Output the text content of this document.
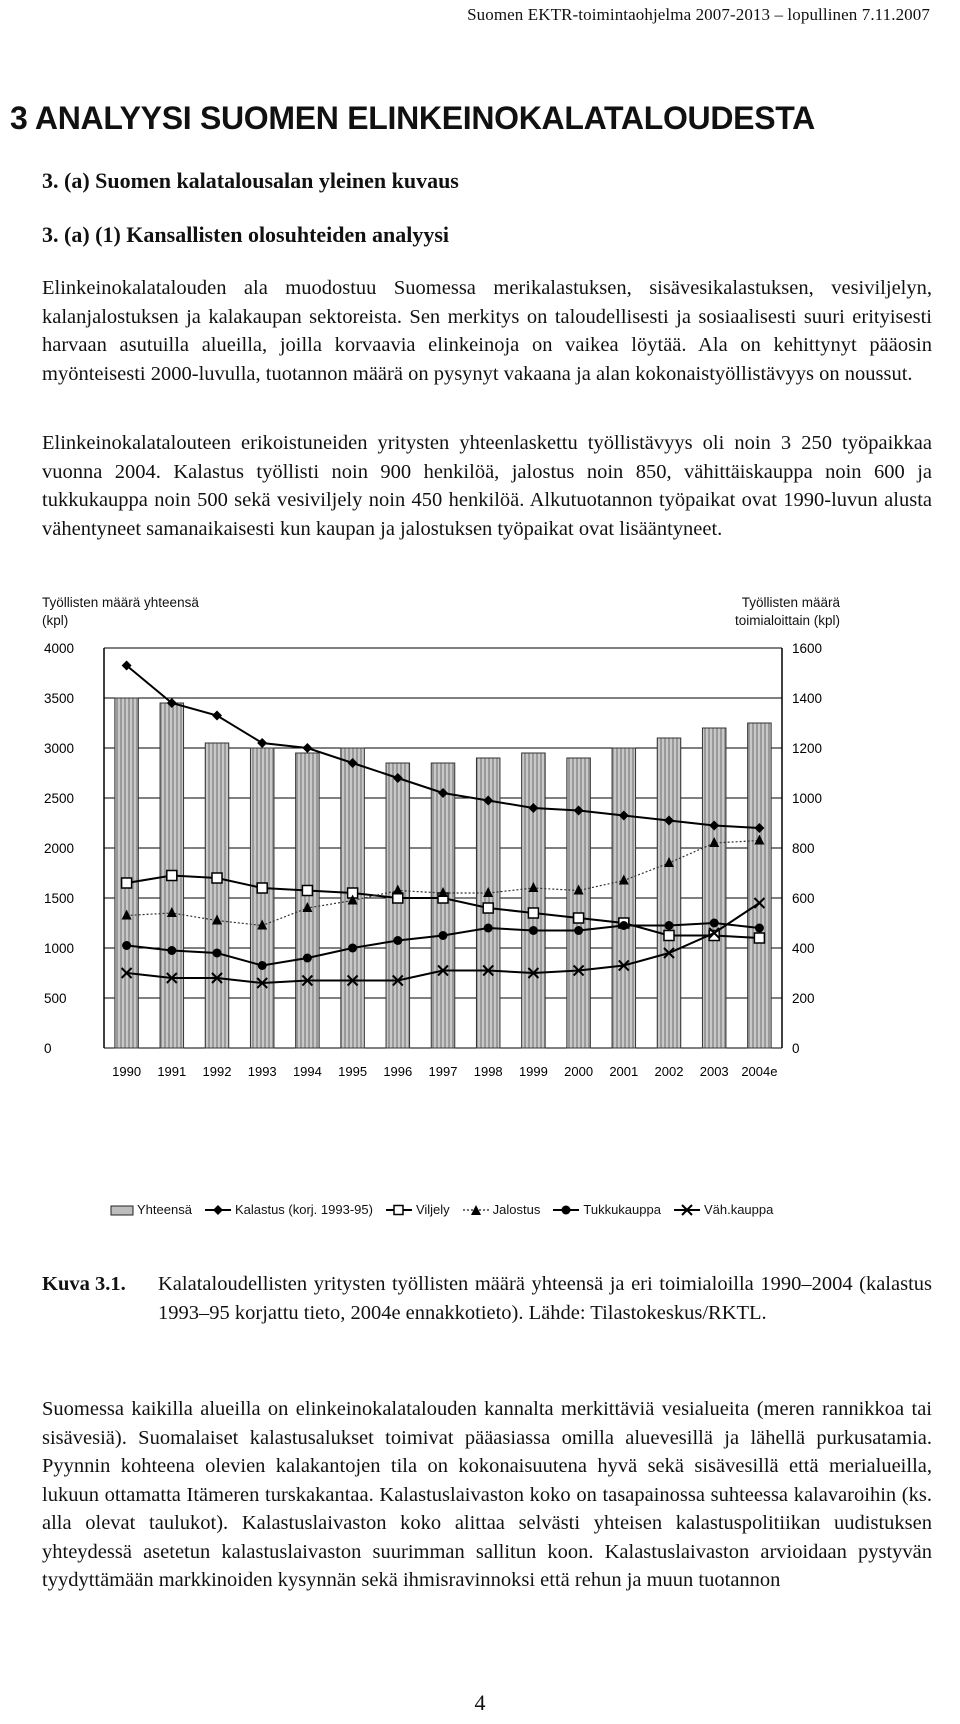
Suomen EKTR-toimintaohjelma 2007-2013 – lopullinen 7.11.2007
3 ANALYYSI SUOMEN ELINKEINOKALATALOUDESTA
3. (a) Suomen kalatalousalan yleinen kuvaus
3. (a) (1) Kansallisten olosuhteiden analyysi
Elinkeinokalatalouden ala muodostuu Suomessa merikalastuksen, sisävesikalastuksen, vesiviljelyn, kalanjalostuksen ja kalakaupan sektoreista. Sen merkitys on taloudellisesti ja sosiaalisesti suuri erityisesti harvaan asutuilla alueilla, joilla korvaavia elinkeinoja on vaikea löytää. Ala on kehittynyt pääosin myönteisesti 2000-luvulla, tuotannon määrä on pysynyt vakaana ja alan kokonaistyöllistävyys on noussut.
Elinkeinokalatalouteen erikoistuneiden yritysten yhteenlaskettu työllistävyys oli noin 3 250 työpaikkaa vuonna 2004. Kalastus työllisti noin 900 henkilöä, jalostus noin 850, vähittäiskauppa noin 600 ja tukkukauppa noin 500 sekä vesiviljely noin 450 henkilöä. Alkutuotannon työpaikat ovat 1990-luvun alusta vähentyneet samanaikaisesti kun kaupan ja jalostuksen työpaikat ovat lisääntyneet.
Työllisten määrä yhteensä
(kpl)
Työllisten määrä
toimialoittain (kpl)
0
500
1000
1500
2000
2500
3000
3500
4000
0
200
400
600
800
1000
1200
1400
1600
1990 1991 1992 1993 1994 1995 1996 1997 1998 1999 2000 2001 2002 2003 2004e
Yhteensä	Kalastus (korj. 1993-95)	Viljely	Jalostus	Tukkukauppa	Väh.kauppa
Kuva 3.1. Kalataloudellisten yritysten työllisten määrä yhteensä ja eri toimialoilla 1990–2004 (kalastus 1993–95 korjattu tieto, 2004e ennakkotieto). Lähde: Tilastokeskus/RKTL.
Suomessa kaikilla alueilla on elinkeinokalatalouden kannalta merkittäviä vesialueita (meren rannikkoa tai sisävesiä). Suomalaiset kalastusalukset toimivat pääasiassa omilla aluevesillä ja lähellä purkusatamia. Pyynnin kohteena olevien kalakantojen tila on kokonaisuutena hyvä sekä sisävesillä että merialueilla, lukuun ottamatta Itämeren turskakantaa. Kalastuslaivaston koko on tasapainossa suhteessa kalavaroihin (ks. alla olevat taulukot). Kalastuslaivaston koko alittaa selvästi yhteisen kalastuspolitiikan uudistuksen yhteydessä asetetun kalastuslaivaston suurimman sallitun koon. Kalastuslaivaston arvioidaan pystyvän tyydyttämään markkinoiden kysynnän sekä ihmisravinnoksi että rehun ja muun tuotannon
4
